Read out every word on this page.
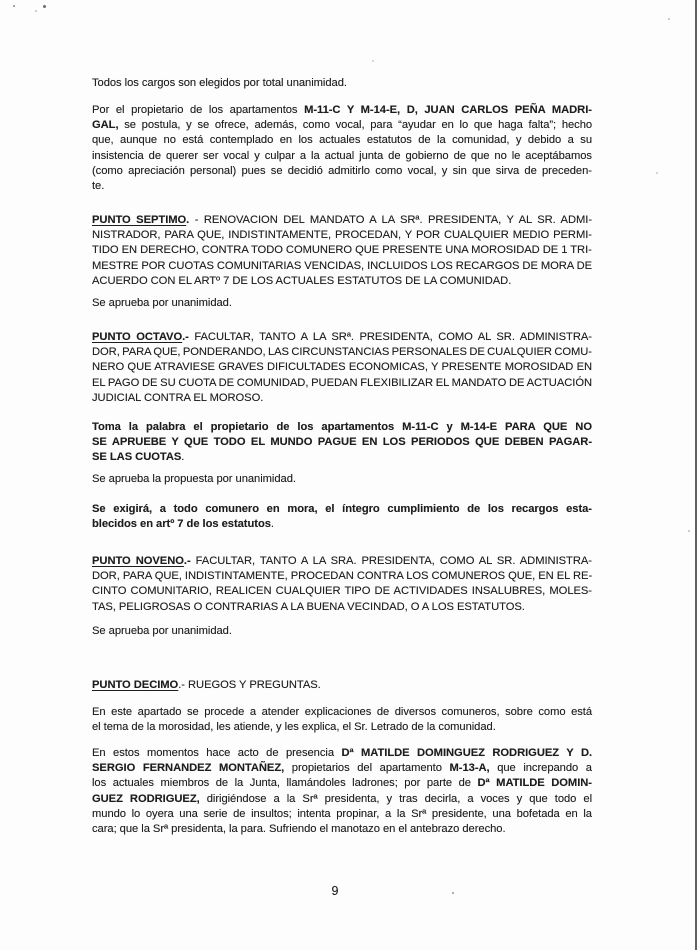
Todos los cargos son elegidos por total unanimidad.
Por el propietario de los apartamentos M-11-C Y M-14-E, D, JUAN CARLOS PEÑA MADRI-
GAL, se postula, y se ofrece, además, como vocal, para “ayudar en lo que haga falta”; hecho
que, aunque no está contemplado en los actuales estatutos de la comunidad, y debido a su
insistencia de querer ser vocal y culpar a la actual junta de gobierno de que no le aceptábamos
(como apreciación personal) pues se decidió admitirlo como vocal, y sin que sirva de preceden-
te.
PUNTO SEPTIMO. - RENOVACION DEL MANDATO A LA SRª. PRESIDENTA, Y AL SR. ADMI-
NISTRADOR, PARA QUE, INDISTINTAMENTE, PROCEDAN, Y POR CUALQUIER MEDIO PERMI-
TIDO EN DERECHO, CONTRA TODO COMUNERO QUE PRESENTE UNA MOROSIDAD DE 1 TRI-
MESTRE POR CUOTAS COMUNITARIAS VENCIDAS, INCLUIDOS LOS RECARGOS DE MORA DE
ACUERDO CON EL ARTº 7 DE LOS ACTUALES ESTATUTOS DE LA COMUNIDAD.
Se aprueba por unanimidad.
PUNTO OCTAVO.- FACULTAR, TANTO A LA SRª. PRESIDENTA, COMO AL SR. ADMINISTRA-
DOR, PARA QUE, PONDERANDO, LAS CIRCUNSTANCIAS PERSONALES DE CUALQUIER COMU-
NERO QUE ATRAVIESE GRAVES DIFICULTADES ECONOMICAS, Y PRESENTE MOROSIDAD EN
EL PAGO DE SU CUOTA DE COMUNIDAD, PUEDAN FLEXIBILIZAR EL MANDATO DE ACTUACIÓN
JUDICIAL CONTRA EL MOROSO.
Toma la palabra el propietario de los apartamentos M-11-C y M-14-E PARA QUE NO
SE APRUEBE Y QUE TODO EL MUNDO PAGUE EN LOS PERIODOS QUE DEBEN PAGAR-
SE LAS CUOTAS.
Se aprueba la propuesta por unanimidad.
Se exigirá, a todo comunero en mora, el íntegro cumplimiento de los recargos esta-
blecidos en artº 7 de los estatutos.
PUNTO NOVENO.- FACULTAR, TANTO A LA SRA. PRESIDENTA, COMO AL SR. ADMINISTRA-
DOR, PARA QUE, INDISTINTAMENTE, PROCEDAN CONTRA LOS COMUNEROS QUE, EN EL RE-
CINTO COMUNITARIO, REALICEN CUALQUIER TIPO DE ACTIVIDADES INSALUBRES, MOLES-
TAS, PELIGROSAS O CONTRARIAS A LA BUENA VECINDAD, O A LOS ESTATUTOS.
Se aprueba por unanimidad.
PUNTO DECIMO.- RUEGOS Y PREGUNTAS.
En este apartado se procede a atender explicaciones de diversos comuneros, sobre como está
el tema de la morosidad, les atiende, y les explica, el Sr. Letrado de la comunidad.
En estos momentos hace acto de presencia Dª MATILDE DOMINGUEZ RODRIGUEZ Y D.
SERGIO FERNANDEZ MONTAÑEZ, propietarios del apartamento M-13-A, que increpando a
los actuales miembros de la Junta, llamándoles ladrones; por parte de Dª MATILDE DOMIN-
GUEZ RODRIGUEZ, dirigiéndose a la Srª presidenta, y tras decirla, a voces y que todo el
mundo lo oyera una serie de insultos; intenta propinar, a la Srª presidente, una bofetada en la
cara; que la Srª presidenta, la para. Sufriendo el manotazo en el antebrazo derecho.
9
